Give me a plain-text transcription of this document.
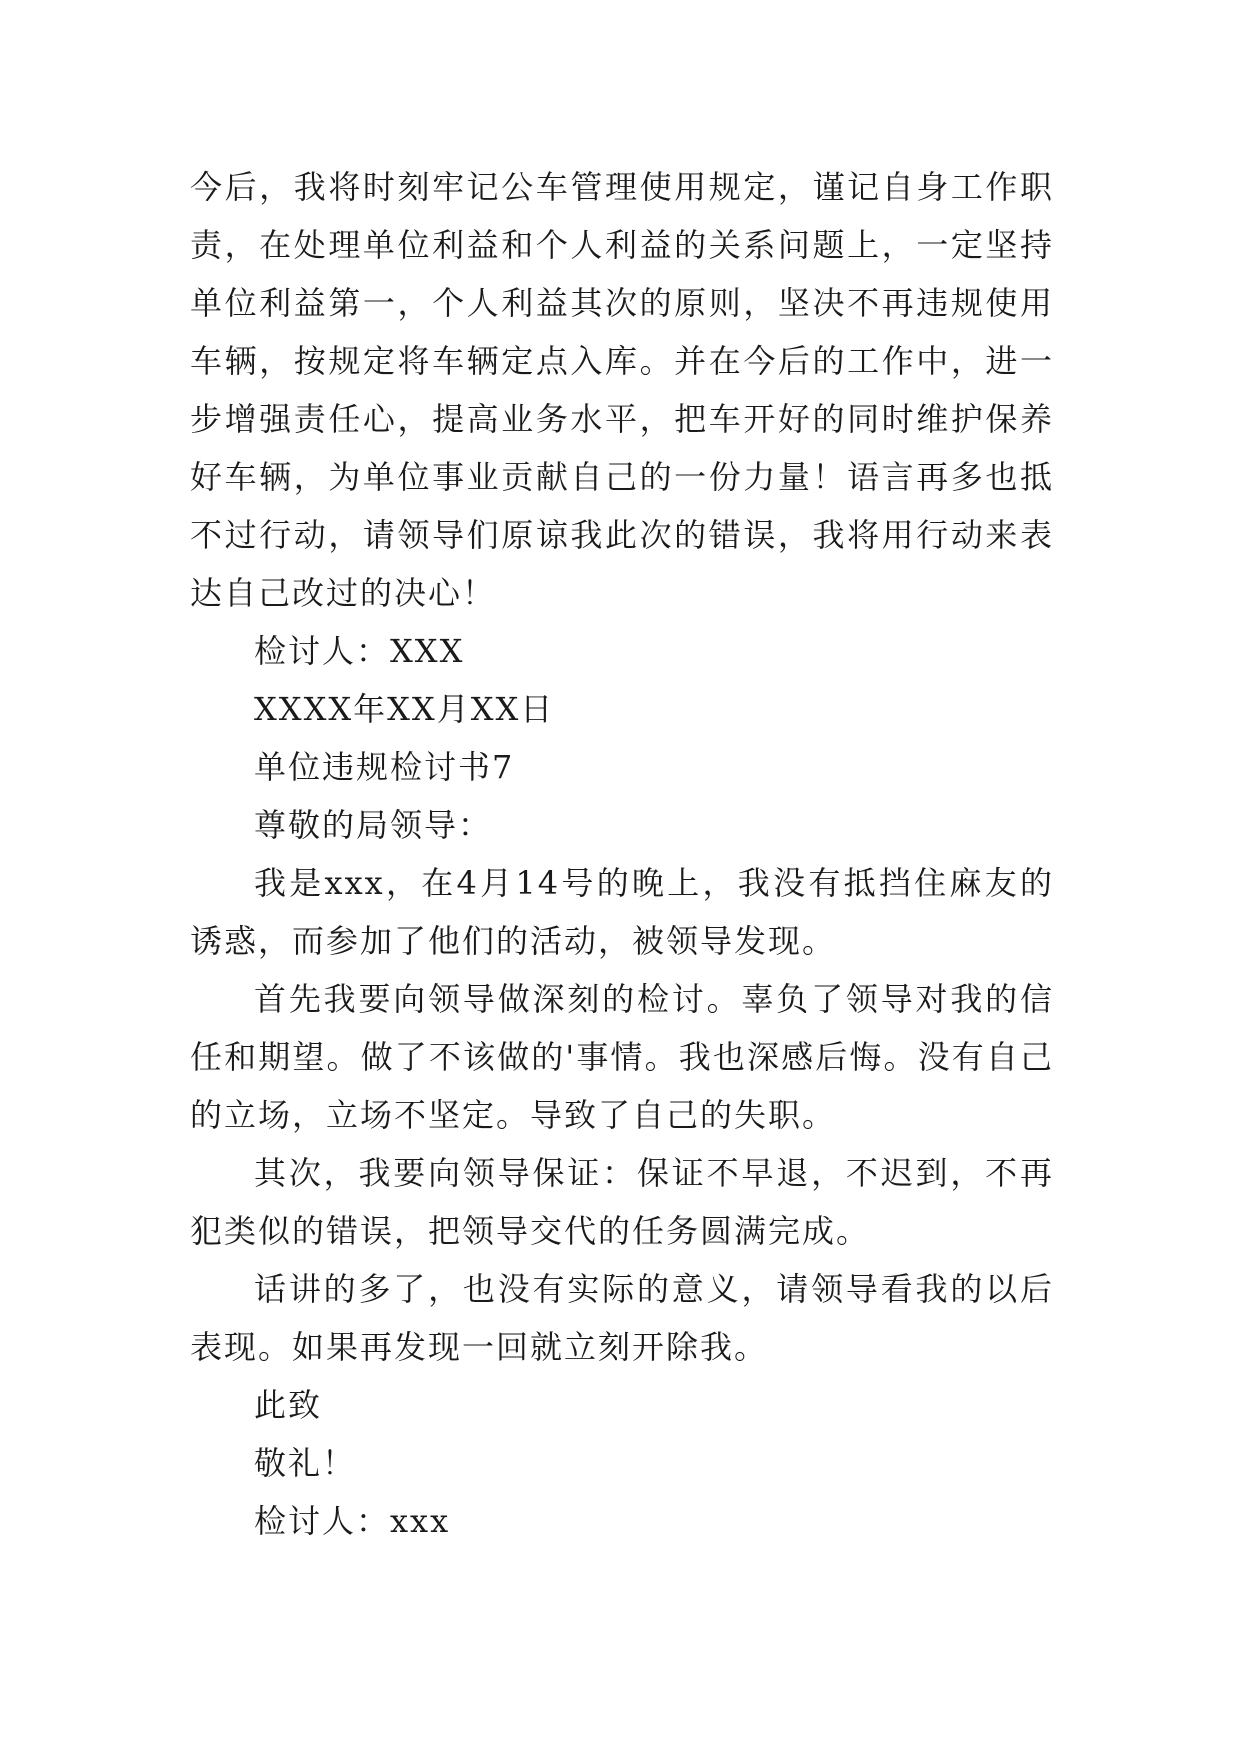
今后，我将时刻牢记公车管理使用规定，谨记自身工作职责，在处理单位利益和个人利益的关系问题上，一定坚持单位利益第一，个人利益其次的原则，坚决不再违规使用车辆，按规定将车辆定点入库。并在今后的工作中，进一步增强责任心，提高业务水平，把车开好的同时维护保养好车辆，为单位事业贡献自己的一份力量！语言再多也抵不过行动，请领导们原谅我此次的错误，我将用行动来表达自己改过的决心！

检讨人：XXX

XXXX年XX月XX日

单位违规检讨书7

尊敬的局领导：

我是xxx，在4月14号的晚上，我没有抵挡住麻友的诱惑，而参加了他们的活动，被领导发现。

首先我要向领导做深刻的检讨。辜负了领导对我的信任和期望。做了不该做的'事情。我也深感后悔。没有自己的立场，立场不坚定。导致了自己的失职。

其次，我要向领导保证：保证不早退，不迟到，不再犯类似的错误，把领导交代的任务圆满完成。

话讲的多了，也没有实际的意义，请领导看我的以后表现。如果再发现一回就立刻开除我。

此致

敬礼！

检讨人：xxx
